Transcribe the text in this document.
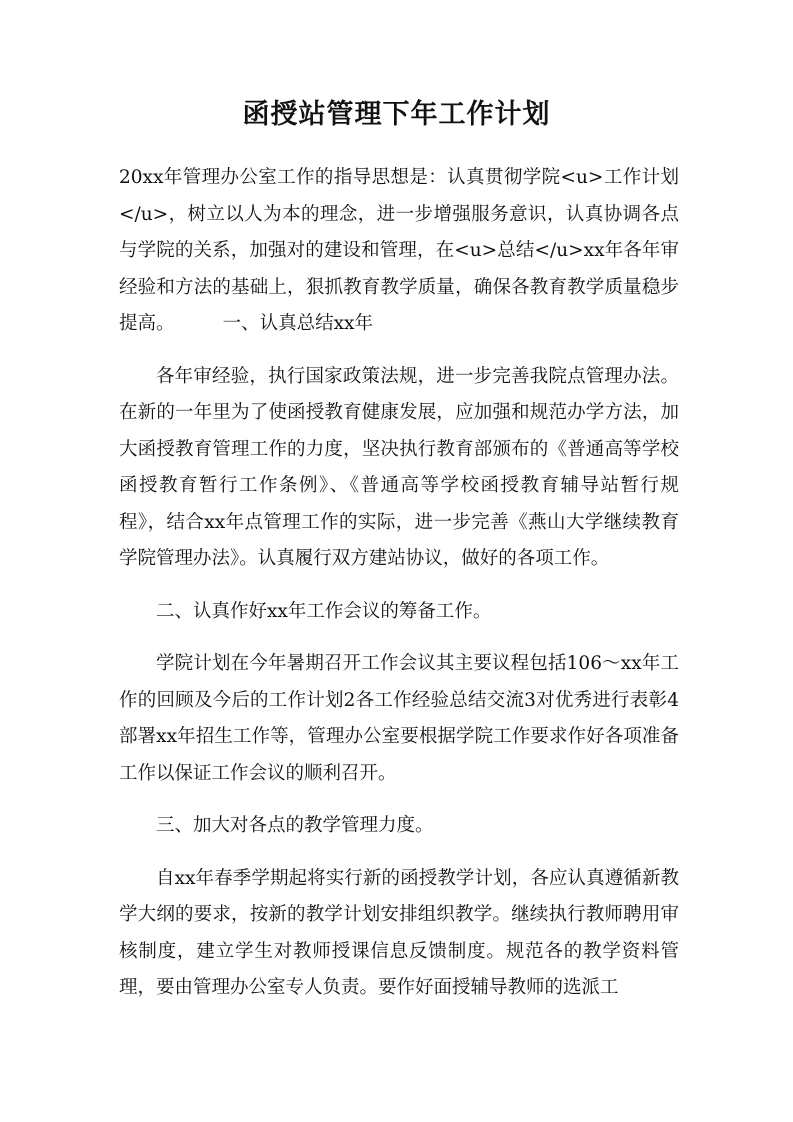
函授站管理下年工作计划

20xx年管理办公室工作的指导思想是：认真贯彻学院<u>工作计划</u>，树立以人为本的理念，进一步增强服务意识，认真协调各点与学院的关系，加强对的建设和管理，在<u>总结</u>xx年各年审经验和方法的基础上，狠抓教育教学质量，确保各教育教学质量稳步提高。	一、认真总结xx年

各年审经验，执行国家政策法规，进一步完善我院点管理办法。在新的一年里为了使函授教育健康发展，应加强和规范办学方法，加大函授教育管理工作的力度，坚决执行教育部颁布的《普通高等学校函授教育暂行工作条例》、《普通高等学校函授教育辅导站暂行规程》，结合xx年点管理工作的实际，进一步完善《燕山大学继续教育学院管理办法》。认真履行双方建站协议，做好的各项工作。

二、认真作好xx年工作会议的筹备工作。

学院计划在今年暑期召开工作会议其主要议程包括106～xx年工作的回顾及今后的工作计划2各工作经验总结交流3对优秀进行表彰4部署xx年招生工作等，管理办公室要根据学院工作要求作好各项准备工作以保证工作会议的顺利召开。

三、加大对各点的教学管理力度。

自xx年春季学期起将实行新的函授教学计划，各应认真遵循新教学大纲的要求，按新的教学计划安排组织教学。继续执行教师聘用审核制度，建立学生对教师授课信息反馈制度。规范各的教学资料管理，要由管理办公室专人负责。要作好面授辅导教师的选派工
